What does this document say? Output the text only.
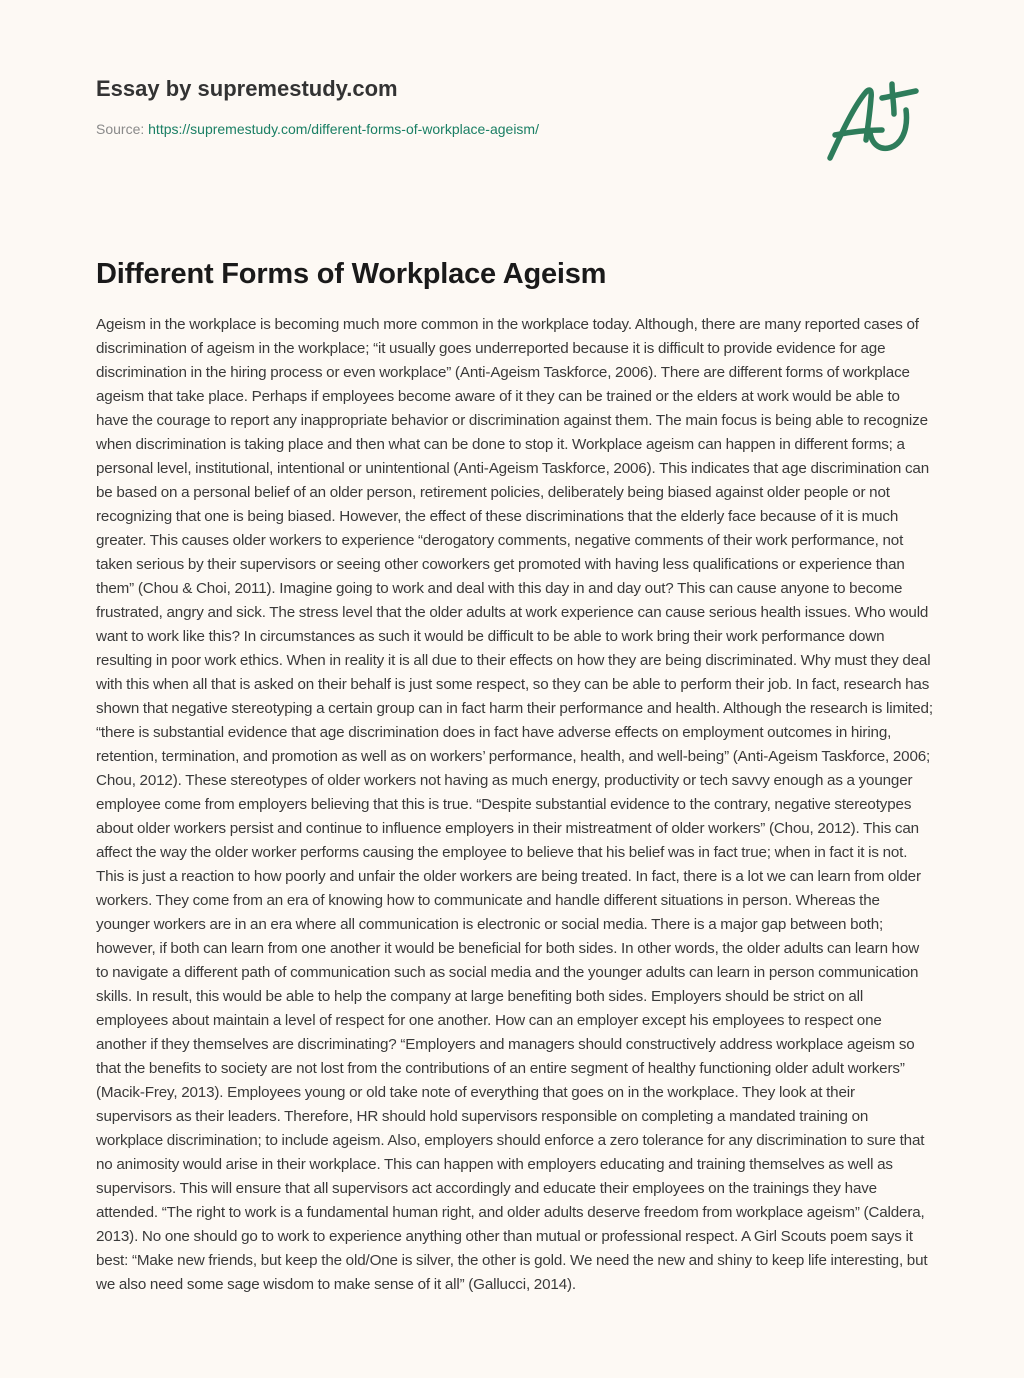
Essay by supremestudy.com
Source: https://supremestudy.com/different-forms-of-workplace-ageism/
Different Forms of Workplace Ageism

Ageism in the workplace is becoming much more common in the workplace today. Although, there are many reported cases of discrimination of ageism in the workplace; “it usually goes underreported because it is difficult to provide evidence for age discrimination in the hiring process or even workplace” (Anti-Ageism Taskforce, 2006). There are different forms of workplace ageism that take place. Perhaps if employees become aware of it they can be trained or the elders at work would be able to have the courage to report any inappropriate behavior or discrimination against them. The main focus is being able to recognize when discrimination is taking place and then what can be done to stop it. Workplace ageism can happen in different forms; a personal level, institutional, intentional or unintentional (Anti-Ageism Taskforce, 2006). This indicates that age discrimination can be based on a personal belief of an older person, retirement policies, deliberately being biased against older people or not recognizing that one is being biased. However, the effect of these discriminations that the elderly face because of it is much greater. This causes older workers to experience “derogatory comments, negative comments of their work performance, not taken serious by their supervisors or seeing other coworkers get promoted with having less qualifications or experience than them” (Chou & Choi, 2011). Imagine going to work and deal with this day in and day out? This can cause anyone to become frustrated, angry and sick. The stress level that the older adults at work experience can cause serious health issues. Who would want to work like this? In circumstances as such it would be difficult to be able to work bring their work performance down resulting in poor work ethics. When in reality it is all due to their effects on how they are being discriminated. Why must they deal with this when all that is asked on their behalf is just some respect, so they can be able to perform their job. In fact, research has shown that negative stereotyping a certain group can in fact harm their performance and health. Although the research is limited; “there is substantial evidence that age discrimination does in fact have adverse effects on employment outcomes in hiring, retention, termination, and promotion as well as on workers’ performance, health, and well-being” (Anti-Ageism Taskforce, 2006; Chou, 2012). These stereotypes of older workers not having as much energy, productivity or tech savvy enough as a younger employee come from employers believing that this is true. “Despite substantial evidence to the contrary, negative stereotypes about older workers persist and continue to influence employers in their mistreatment of older workers” (Chou, 2012). This can affect the way the older worker performs causing the employee to believe that his belief was in fact true; when in fact it is not. This is just a reaction to how poorly and unfair the older workers are being treated. In fact, there is a lot we can learn from older workers. They come from an era of knowing how to communicate and handle different situations in person. Whereas the younger workers are in an era where all communication is electronic or social media. There is a major gap between both; however, if both can learn from one another it would be beneficial for both sides. In other words, the older adults can learn how to navigate a different path of communication such as social media and the younger adults can learn in person communication skills. In result, this would be able to help the company at large benefiting both sides. Employers should be strict on all employees about maintain a level of respect for one another. How can an employer except his employees to respect one another if they themselves are discriminating? “Employers and managers should constructively address workplace ageism so that the benefits to society are not lost from the contributions of an entire segment of healthy functioning older adult workers” (Macik-Frey, 2013). Employees young or old take note of everything that goes on in the workplace. They look at their supervisors as their leaders. Therefore, HR should hold supervisors responsible on completing a mandated training on workplace discrimination; to include ageism. Also, employers should enforce a zero tolerance for any discrimination to sure that no animosity would arise in their workplace. This can happen with employers educating and training themselves as well as supervisors. This will ensure that all supervisors act accordingly and educate their employees on the trainings they have attended. “The right to work is a fundamental human right, and older adults deserve freedom from workplace ageism” (Caldera, 2013). No one should go to work to experience anything other than mutual or professional respect. A Girl Scouts poem says it best: “Make new friends, but keep the old/One is silver, the other is gold. We need the new and shiny to keep life interesting, but we also need some sage wisdom to make sense of it all” (Gallucci, 2014).
